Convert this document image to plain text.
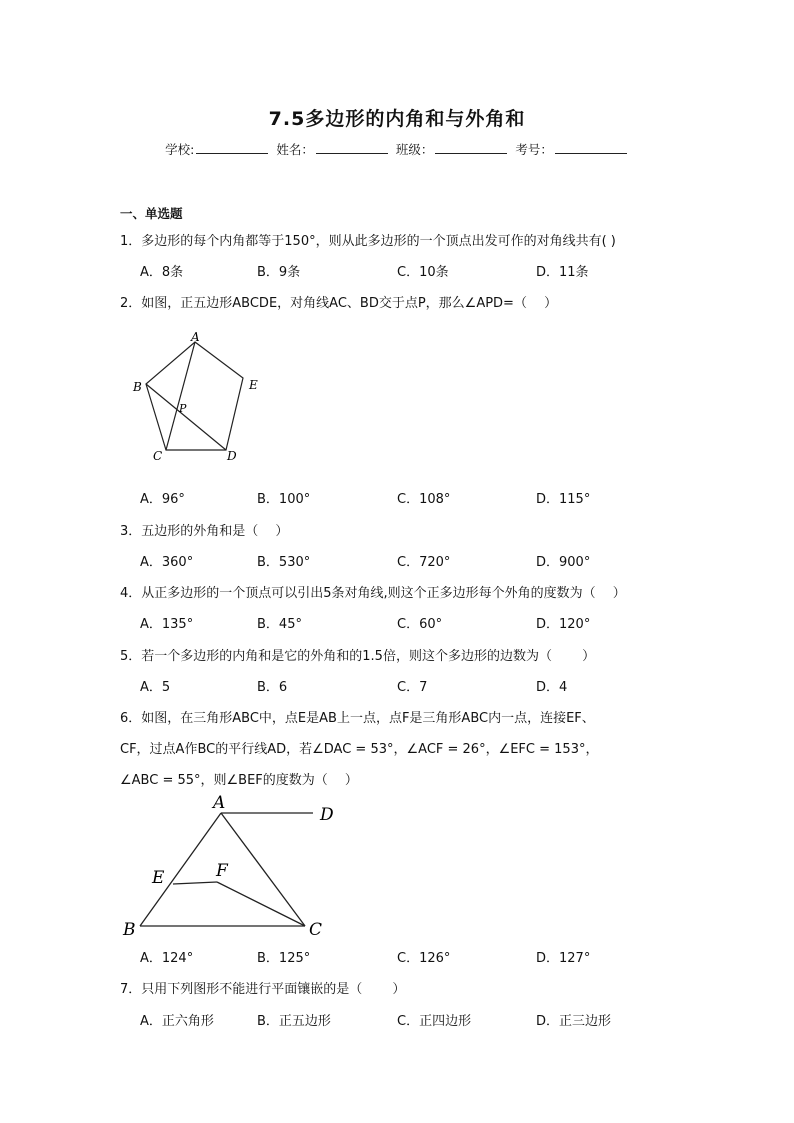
7.5多边形的内角和与外角和
学校:	姓名：	班级：	考号：
一、单选题
1．多边形的每个内角都等于150°，则从此多边形的一个顶点出发可作的对角线共有( )
A．8条	B．9条	C．10条	D．11条
2．如图，正五边形ABCDE，对角线AC、BD交于点P，那么∠APD=（　 ）
A
B
C	D
E
P
A．96°	B．100°	C．108°	D．115°
3．五边形的外角和是（　 ）
A．360°	B．530°	C．720°	D．900°
4．从正多边形的一个顶点可以引出5条对角线,则这个正多边形每个外角的度数为（　 ）
A．135°	B．45°	C．60°	D．120°
5．若一个多边形的内角和是它的外角和的1.5倍，则这个多边形的边数为（　　 ）
A．5	B．6	C．7	D．4
6．如图，在三角形ABC中，点E是AB上一点，点F是三角形ABC内一点，连接EF、
CF，过点A作BC的平行线AD，若∠DAC = 53°，∠ACF = 26°，∠EFC = 153°，
∠ABC = 55°，则∠BEF的度数为（　 ）
A
D
E	F
B	C
A．124°	B．125°	C．126°	D．127°
7．只用下列图形不能进行平面镶嵌的是（　　 ）
A．正六角形	B．正五边形	C．正四边形	D．正三边形
